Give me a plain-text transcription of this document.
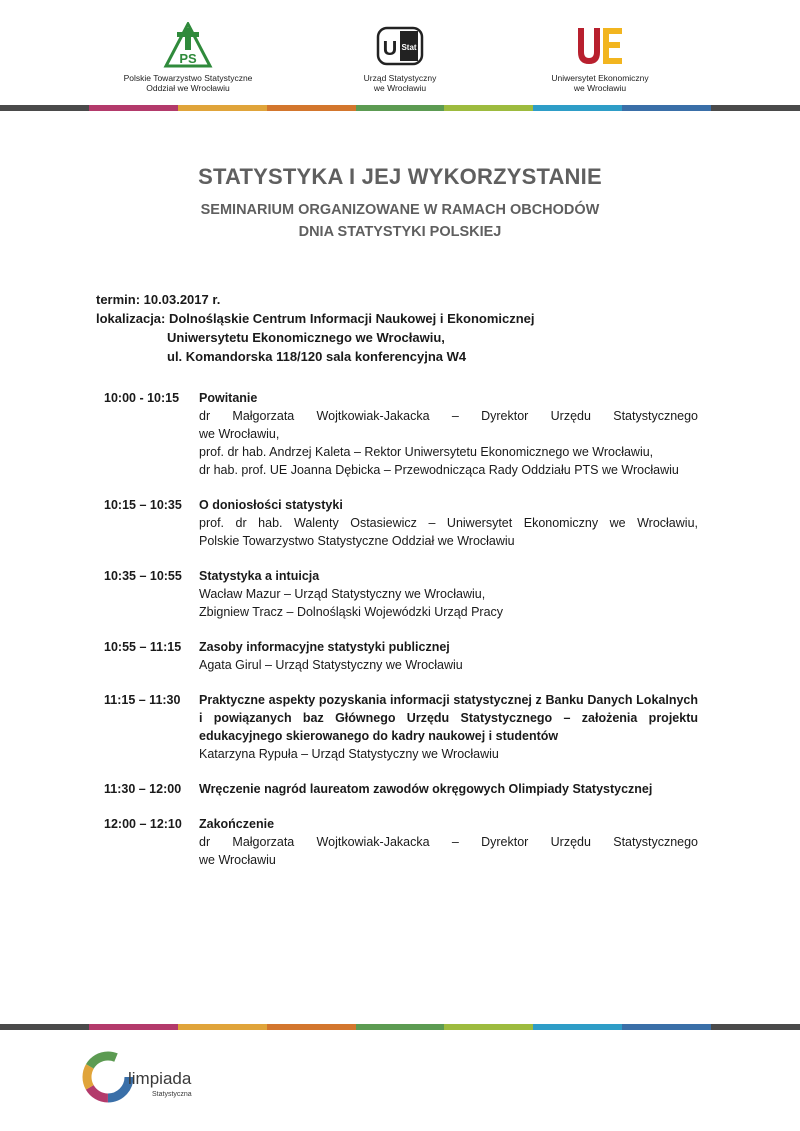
PS
Polskie Towarzystwo Statystyczne
Oddział we Wrocławiu
U Stat
Urząd Statystyczny
we Wrocławiu
Uniwersytet Ekonomiczny
we Wrocławiu
STATYSTYKA I JEJ WYKORZYSTANIE
SEMINARIUM ORGANIZOWANE W RAMACH OBCHODÓW
DNIA STATYSTYKI POLSKIEJ
termin: 10.03.2017 r.
lokalizacja: Dolnośląskie Centrum Informacji Naukowej i Ekonomicznej
Uniwersytetu Ekonomicznego we Wrocławiu,
ul. Komandorska 118/120 sala konferencyjna W4
10:00 - 10:15	Powitanie
dr Małgorzata Wojtkowiak-Jakacka – Dyrektor Urzędu Statystycznego
we Wrocławiu,
prof. dr hab. Andrzej Kaleta – Rektor Uniwersytetu Ekonomicznego we Wrocławiu,
dr hab. prof. UE Joanna Dębicka – Przewodnicząca Rady Oddziału PTS we Wrocławiu
10:15 – 10:35	O doniosłości statystyki
prof. dr hab. Walenty Ostasiewicz – Uniwersytet Ekonomiczny we Wrocławiu,
Polskie Towarzystwo Statystyczne Oddział we Wrocławiu
10:35 – 10:55	Statystyka a intuicja
Wacław Mazur – Urząd Statystyczny we Wrocławiu,
Zbigniew Tracz – Dolnośląski Wojewódzki Urząd Pracy
10:55 – 11:15	Zasoby informacyjne statystyki publicznej
Agata Girul – Urząd Statystyczny we Wrocławiu
11:15 – 11:30	Praktyczne aspekty pozyskania informacji statystycznej z Banku Danych Lokalnych i powiązanych baz Głównego Urzędu Statystycznego – założenia projektu edukacyjnego skierowanego do kadry naukowej i studentów
Katarzyna Rypuła – Urząd Statystyczny we Wrocławiu
11:30 – 12:00	Wręczenie nagród laureatom zawodów okręgowych Olimpiady Statystycznej
12:00 – 12:10	Zakończenie
dr Małgorzata Wojtkowiak-Jakacka – Dyrektor Urzędu Statystycznego
we Wrocławiu
limpiada
Statystyczna
